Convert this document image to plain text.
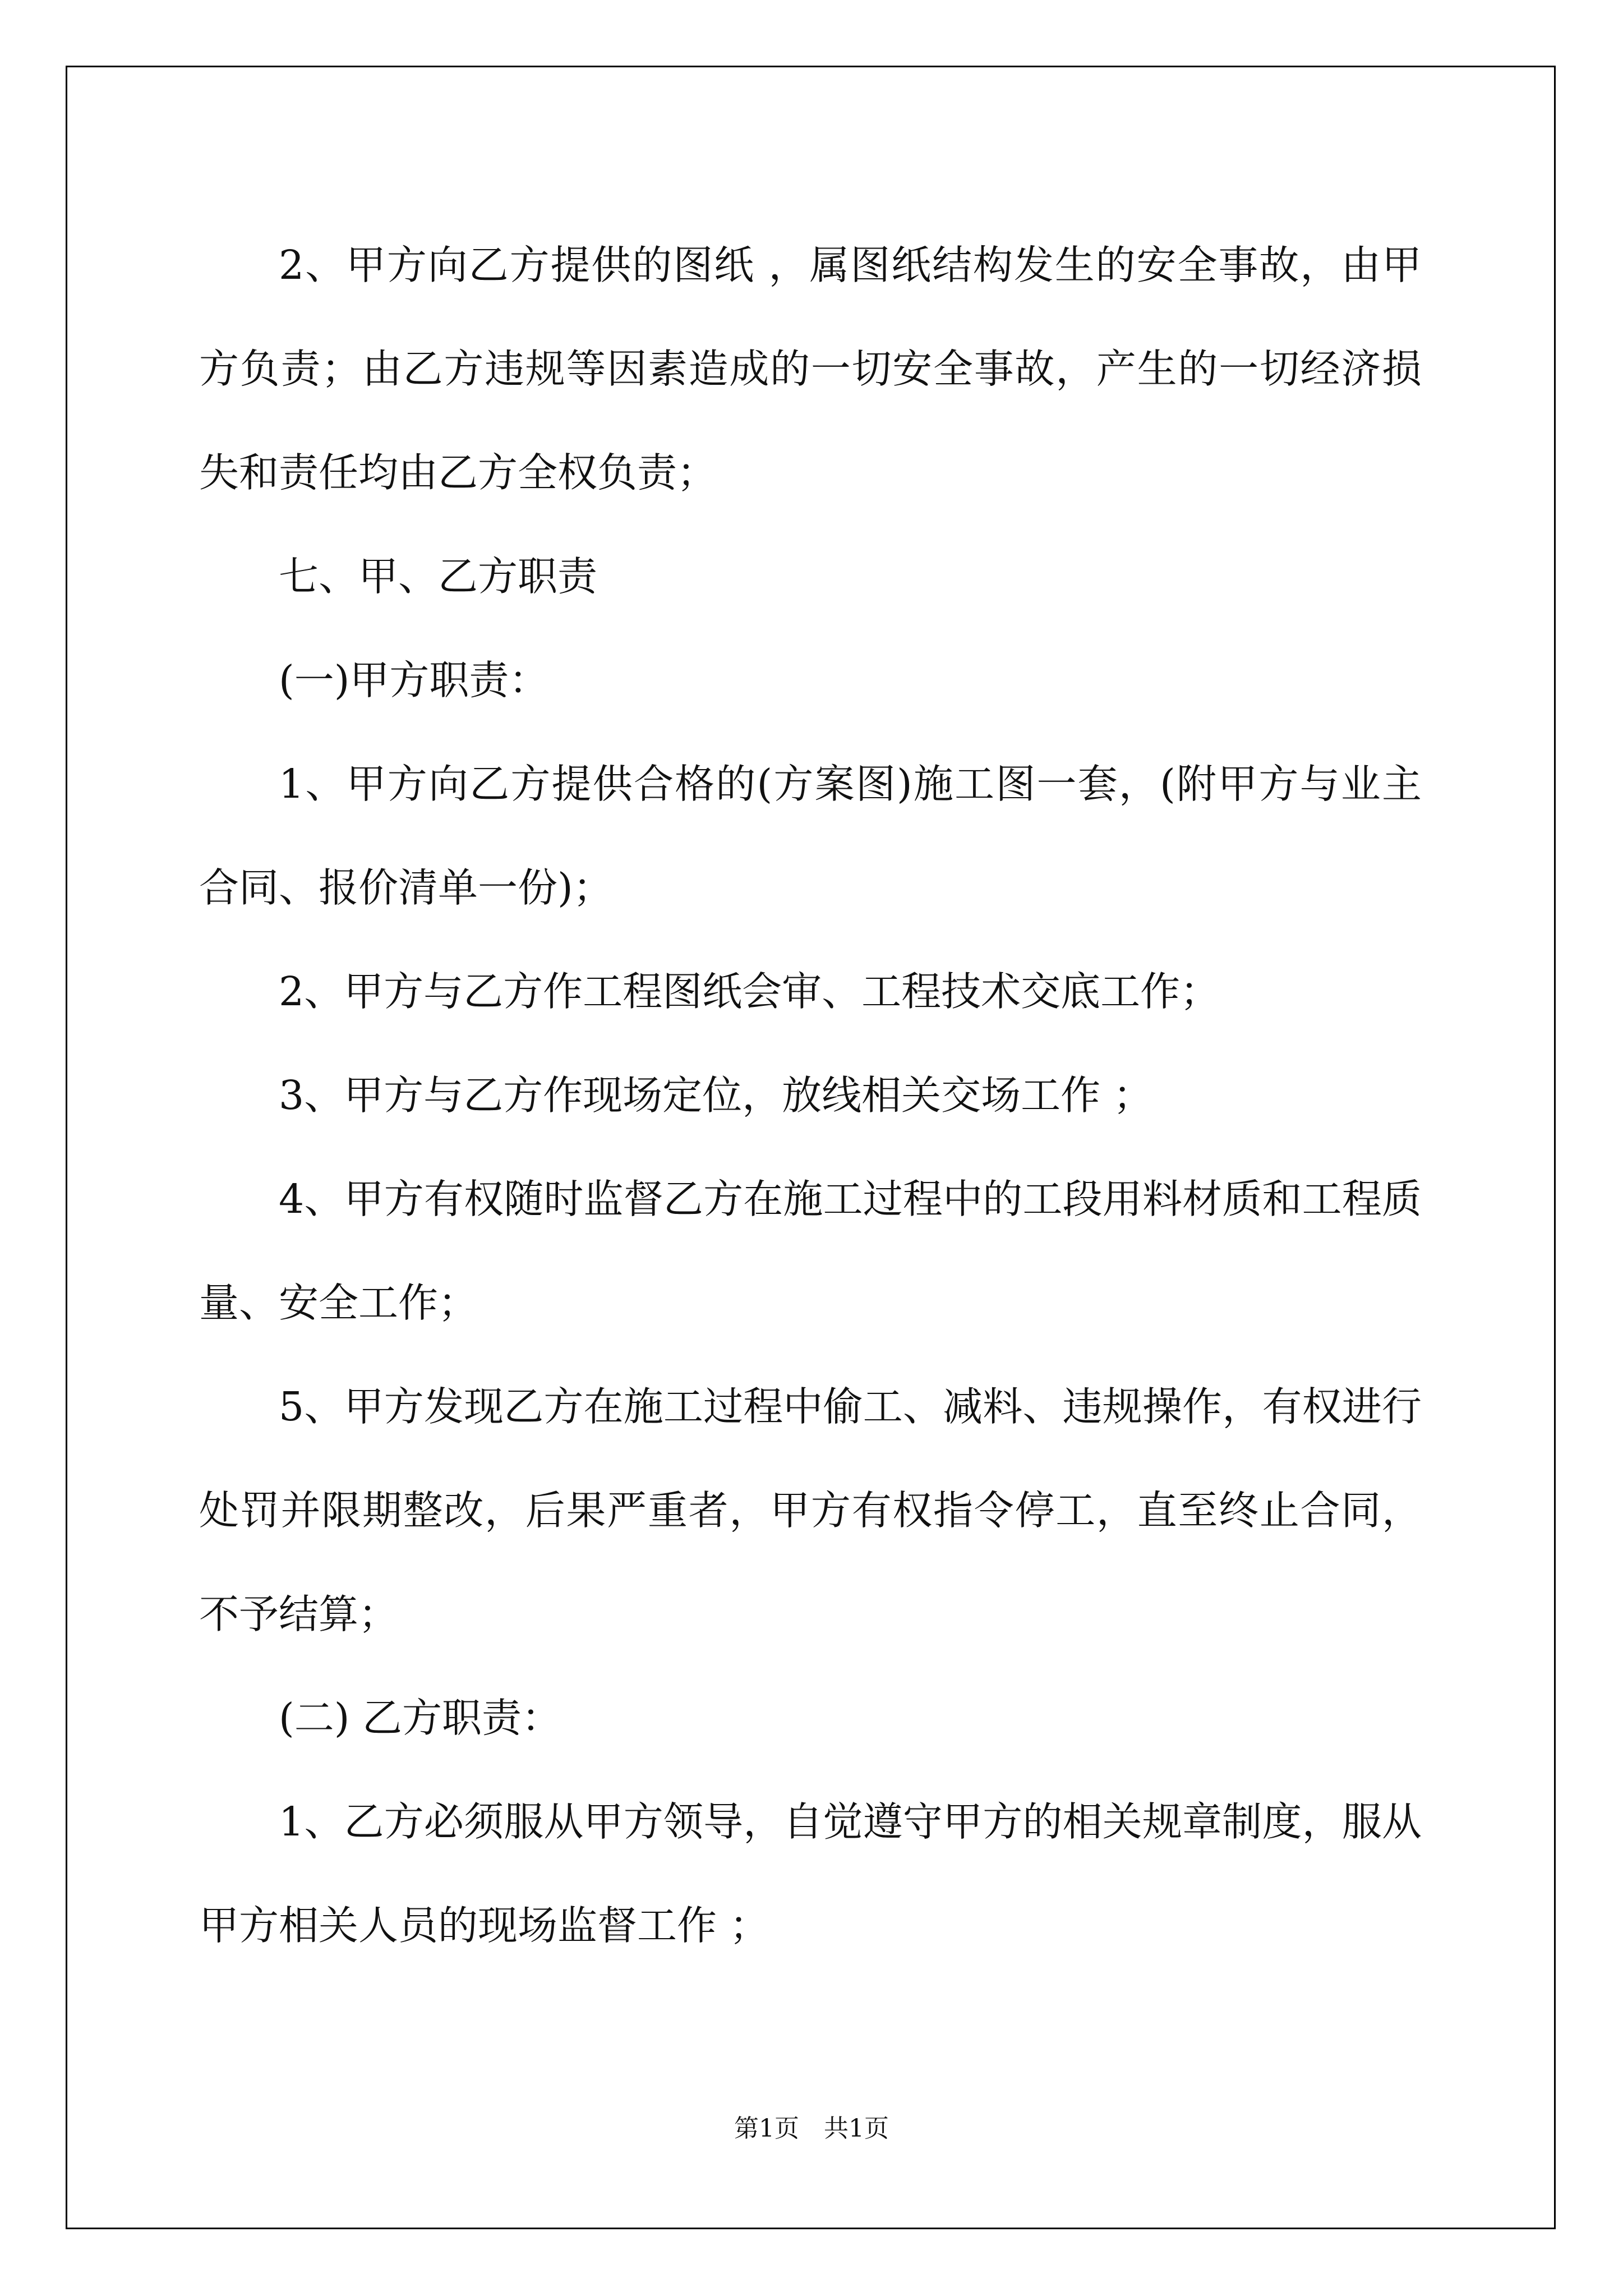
2、甲方向乙方提供的图纸 ，属图纸结构发生的安全事故，由甲方负责；由乙方违规等因素造成的一切安全事故，产生的一切经济损失和责任均由乙方全权负责；

七、甲、乙方职责

(一)甲方职责：

1、甲方向乙方提供合格的(方案图)施工图一套，(附甲方与业主合同、报价清单一份)；

2、甲方与乙方作工程图纸会审、工程技术交底工作；

3、甲方与乙方作现场定位，放线相关交场工作 ；

4、甲方有权随时监督乙方在施工过程中的工段用料材质和工程质量、安全工作；

5、甲方发现乙方在施工过程中偷工、减料、违规操作，有权进行处罚并限期整改，后果严重者，甲方有权指令停工，直至终止合同，不予结算；

(二) 乙方职责：

1、乙方必须服从甲方领导，自觉遵守甲方的相关规章制度，服从甲方相关人员的现场监督工作 ；

第1页　共1页
